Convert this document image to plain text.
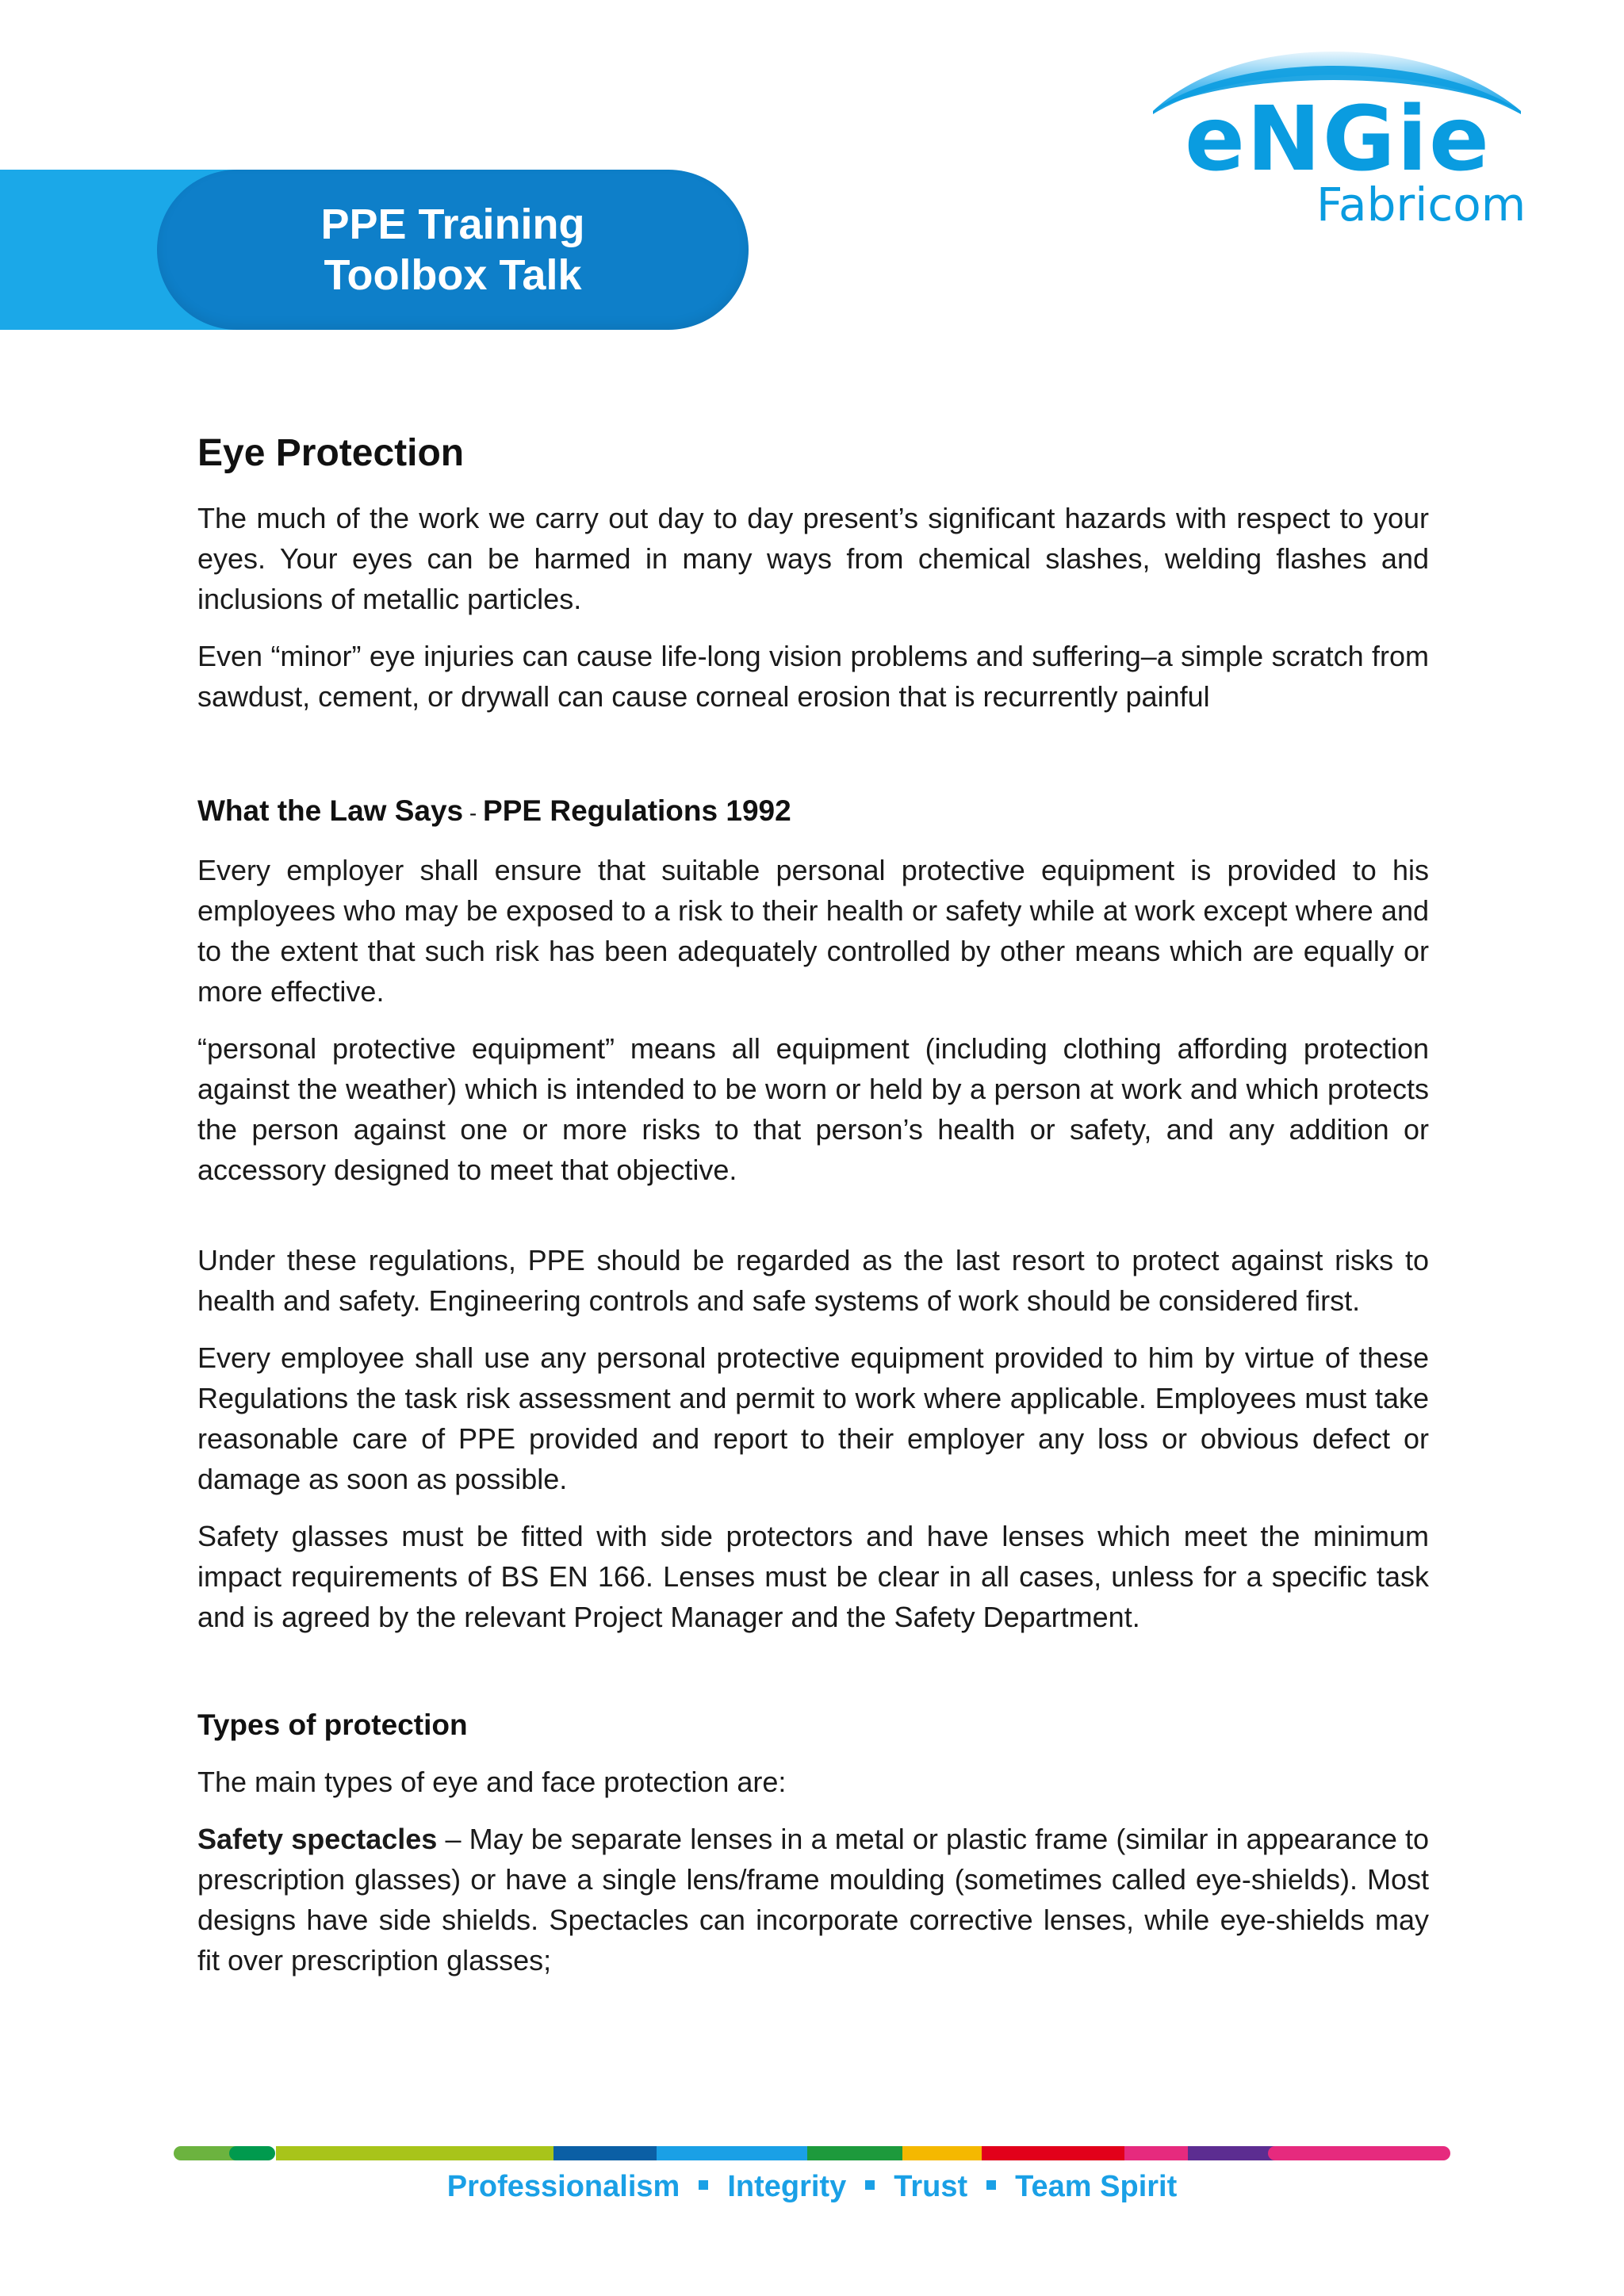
PPE Training
Toolbox Talk
eNGie
Fabricom
Eye Protection

The much of the work we carry out day to day present’s significant hazards with respect to your eyes. Your eyes can be harmed in many ways from chemical slashes, welding flashes and inclusions of metallic particles.

Even “minor” eye injuries can cause life-long vision problems and suffering–a simple scratch from sawdust, cement, or drywall can cause corneal erosion that is recurrently painful

What the Law Says - PPE Regulations 1992

Every employer shall ensure that suitable personal protective equipment is provided to his employees who may be exposed to a risk to their health or safety while at work except where and to the extent that such risk has been adequately controlled by other means which are equally or more effective.

“personal protective equipment” means all equipment (including clothing affording protection against the weather) which is intended to be worn or held by a person at work and which protects the person against one or more risks to that person’s health or safety, and any addition or accessory designed to meet that objective.

Under these regulations, PPE should be regarded as the last resort to protect against risks to health and safety. Engineering controls and safe systems of work should be considered first.

Every employee shall use any personal protective equipment provided to him by virtue of these Regulations the task risk assessment and permit to work where applicable. Employees must take reasonable care of PPE provided and report to their employer any loss or obvious defect or damage as soon as possible.

Safety glasses must be fitted with side protectors and have lenses which meet the minimum impact requirements of BS EN 166. Lenses must be clear in all cases, unless for a specific task and is agreed by the relevant Project Manager and the Safety Department.

Types of protection

The main types of eye and face protection are:

Safety spectacles – May be separate lenses in a metal or plastic frame (similar in appearance to prescription glasses) or have a single lens/frame moulding (sometimes called eye-shields). Most designs have side shields. Spectacles can incorporate corrective lenses, while eye-shields may fit over prescription glasses;

Professionalism Integrity Trust Team Spirit
